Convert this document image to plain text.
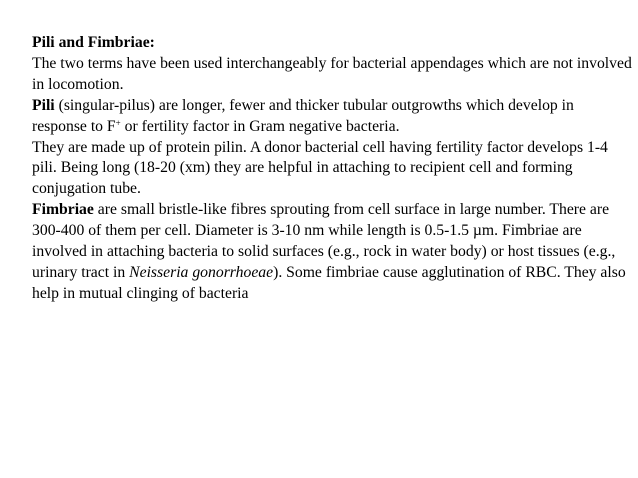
Pili and Fimbriae:

The two terms have been used interchangeably for bacterial appendages which are not involved in locomotion.

Pili (singular-pilus) are longer, fewer and thicker tubular outgrowths which develop in response to F+ or fertility factor in Gram negative bacteria.

They are made up of protein pilin. A donor bacterial cell having fertility factor develops 1-4 pili. Being long (18-20 (xm) they are helpful in attaching to recipient cell and forming conjugation tube.

Fimbriae are small bristle-like fibres sprouting from cell surface in large number. There are 300-400 of them per cell. Diameter is 3-10 nm while length is 0.5-1.5 µm. Fimbriae are involved in attaching bacteria to solid surfaces (e.g., rock in water body) or host tissues (e.g., urinary tract in Neisseria gonorrhoeae). Some fimbriae cause agglutination of RBC. They also help in mutual clinging of bacteria
